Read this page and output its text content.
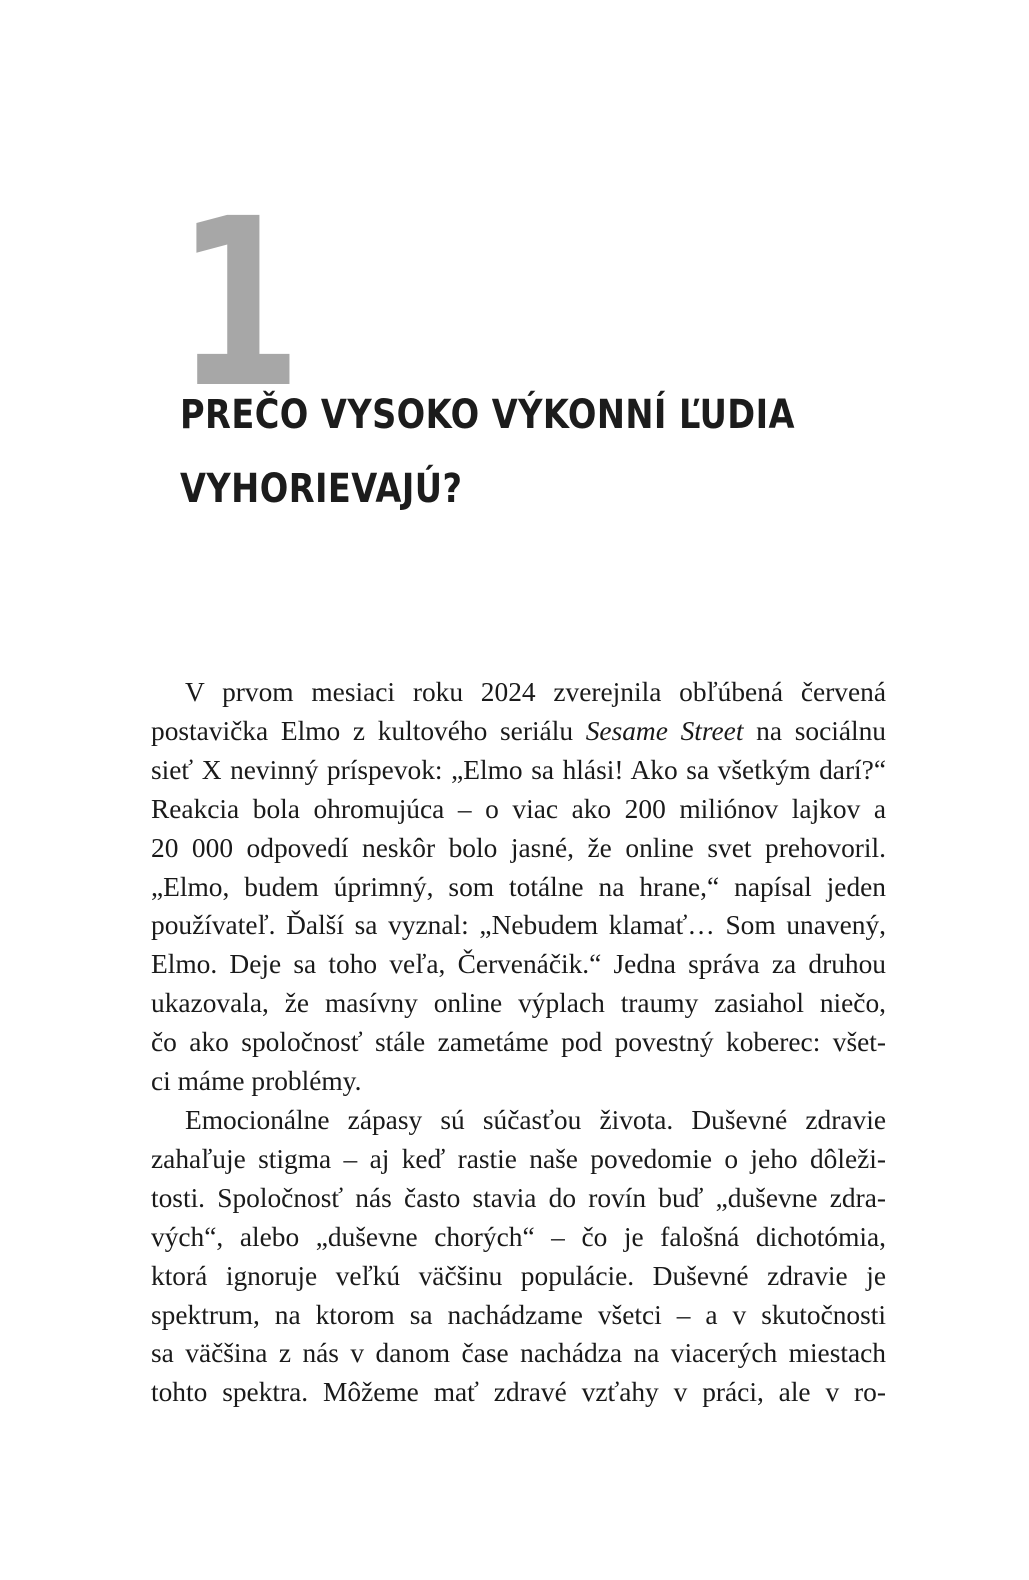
1
PREČO VYSOKO VÝKONNÍ ĽUDIA
VYHORIEVAJÚ?
V prvom mesiaci roku 2024 zverejnila obľúbená červená
postavička Elmo z kultového seriálu Sesame Street na sociálnu
sieť X nevinný príspevok: „Elmo sa hlási! Ako sa všetkým darí?“
Reakcia bola ohromujúca – o viac ako 200 miliónov lajkov a
20 000 odpovedí neskôr bolo jasné, že online svet prehovoril.
„Elmo, budem úprimný, som totálne na hrane,“ napísal jeden
používateľ. Ďalší sa vyznal: „Nebudem klamať… Som unavený,
Elmo. Deje sa toho veľa, Červenáčik.“ Jedna správa za druhou
ukazovala, že masívny online výplach traumy zasiahol niečo,
čo ako spoločnosť stále zametáme pod povestný koberec: všet-
ci máme problémy.
Emocionálne zápasy sú súčasťou života. Duševné zdravie
zahaľuje stigma – aj keď rastie naše povedomie o jeho dôleži-
tosti. Spoločnosť nás často stavia do rovín buď „duševne zdra-
vých“, alebo „duševne chorých“ – čo je falošná dichotómia,
ktorá ignoruje veľkú väčšinu populácie. Duševné zdravie je
spektrum, na ktorom sa nachádzame všetci – a v skutočnosti
sa väčšina z nás v danom čase nachádza na viacerých miestach
tohto spektra. Môžeme mať zdravé vzťahy v práci, ale v ro-
